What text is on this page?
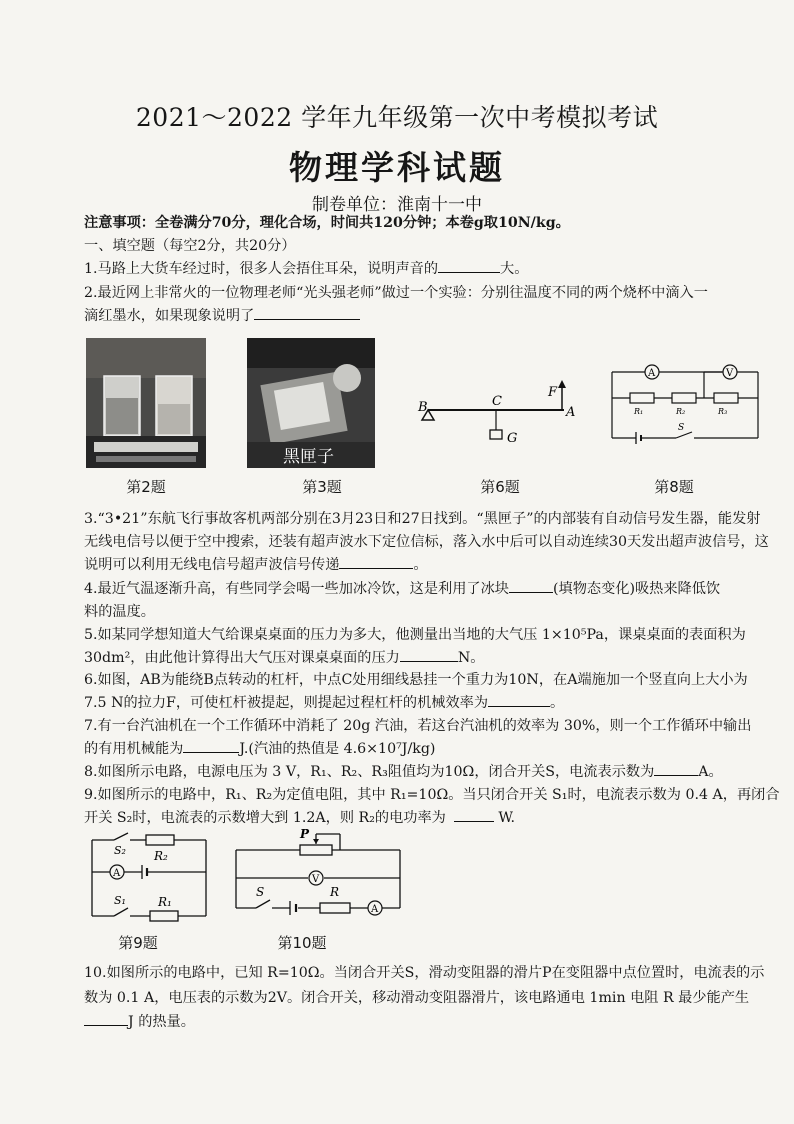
2021～2022 学年九年级第一次中考模拟考试
物理学科试题
制卷单位：淮南十一中
注意事项：全卷满分70分，理化合场，时间共120分钟；本卷g取10N/kg。
一、填空题（每空2分，共20分）
1.马路上大货车经过时，很多人会捂住耳朵，说明声音的	大。
2.最近网上非常火的一位物理老师“光头强老师”做过一个实验：分别往温度不同的两个烧杯中滴入一
滴红墨水，如果现象说明了
第2题
黑匣子
第3题
B	C
A
F
G
第6题
A	V
R₁	R₂	R₃
S
第8题
3.“3•21”东航飞行事故客机两部分别在3月23日和27日找到。“黑匣子”的内部装有自动信号发生器，能发射无线电信号以便于空中搜索，还装有超声波水下定位信标，落入水中后可以自动连续30天发出超声波信号，这说明可以利用无线电信号超声波信号传递	。
4.最近气温逐渐升高，有些同学会喝一些加冰冷饮，这是利用了冰块	(填物态变化)吸热来降低饮
料的温度。
5.如某同学想知道大气给课桌桌面的压力为多大，他测量出当地的大气压 1×10⁵Pa，课桌桌面的表面积为
30dm²，由此他计算得出大气压对课桌桌面的压力	N。
6.如图，AB为能绕B点转动的杠杆，中点C处用细线悬挂一个重力为10N，在A端施加一个竖直向上大小为
7.5 N的拉力F，可使杠杆被提起，则提起过程杠杆的机械效率为	。
7.有一台汽油机在一个工作循环中消耗了 20g 汽油，若这台汽油机的效率为 30%，则一个工作循环中输出
的有用机械能为	J.(汽油的热值是 4.6×10⁷J/kg)
8.如图所示电路，电源电压为 3 V，R₁、R₂、R₃阻值均为10Ω，闭合开关S，电流表示数为	A。
9.如图所示的电路中，R₁、R₂为定值电阻，其中 R₁=10Ω。当只闭合开关 S₁时，电流表示数为 0.4 A，再闭合
开关 S₂时，电流表的示数增大到 1.2A，则 R₂的电功率为	W.
A
S₂ R₂
S₁	R₁
第9题
V
A
P
S	R
第10题
10.如图所示的电路中，已知 R=10Ω。当闭合开关S，滑动变阻器的滑片P在变阻器中点位置时，电流表的示
数为 0.1 A，电压表的示数为2V。闭合开关，移动滑动变阻器滑片，该电路通电 1min 电阻 R 最少能产生
J 的热量。
